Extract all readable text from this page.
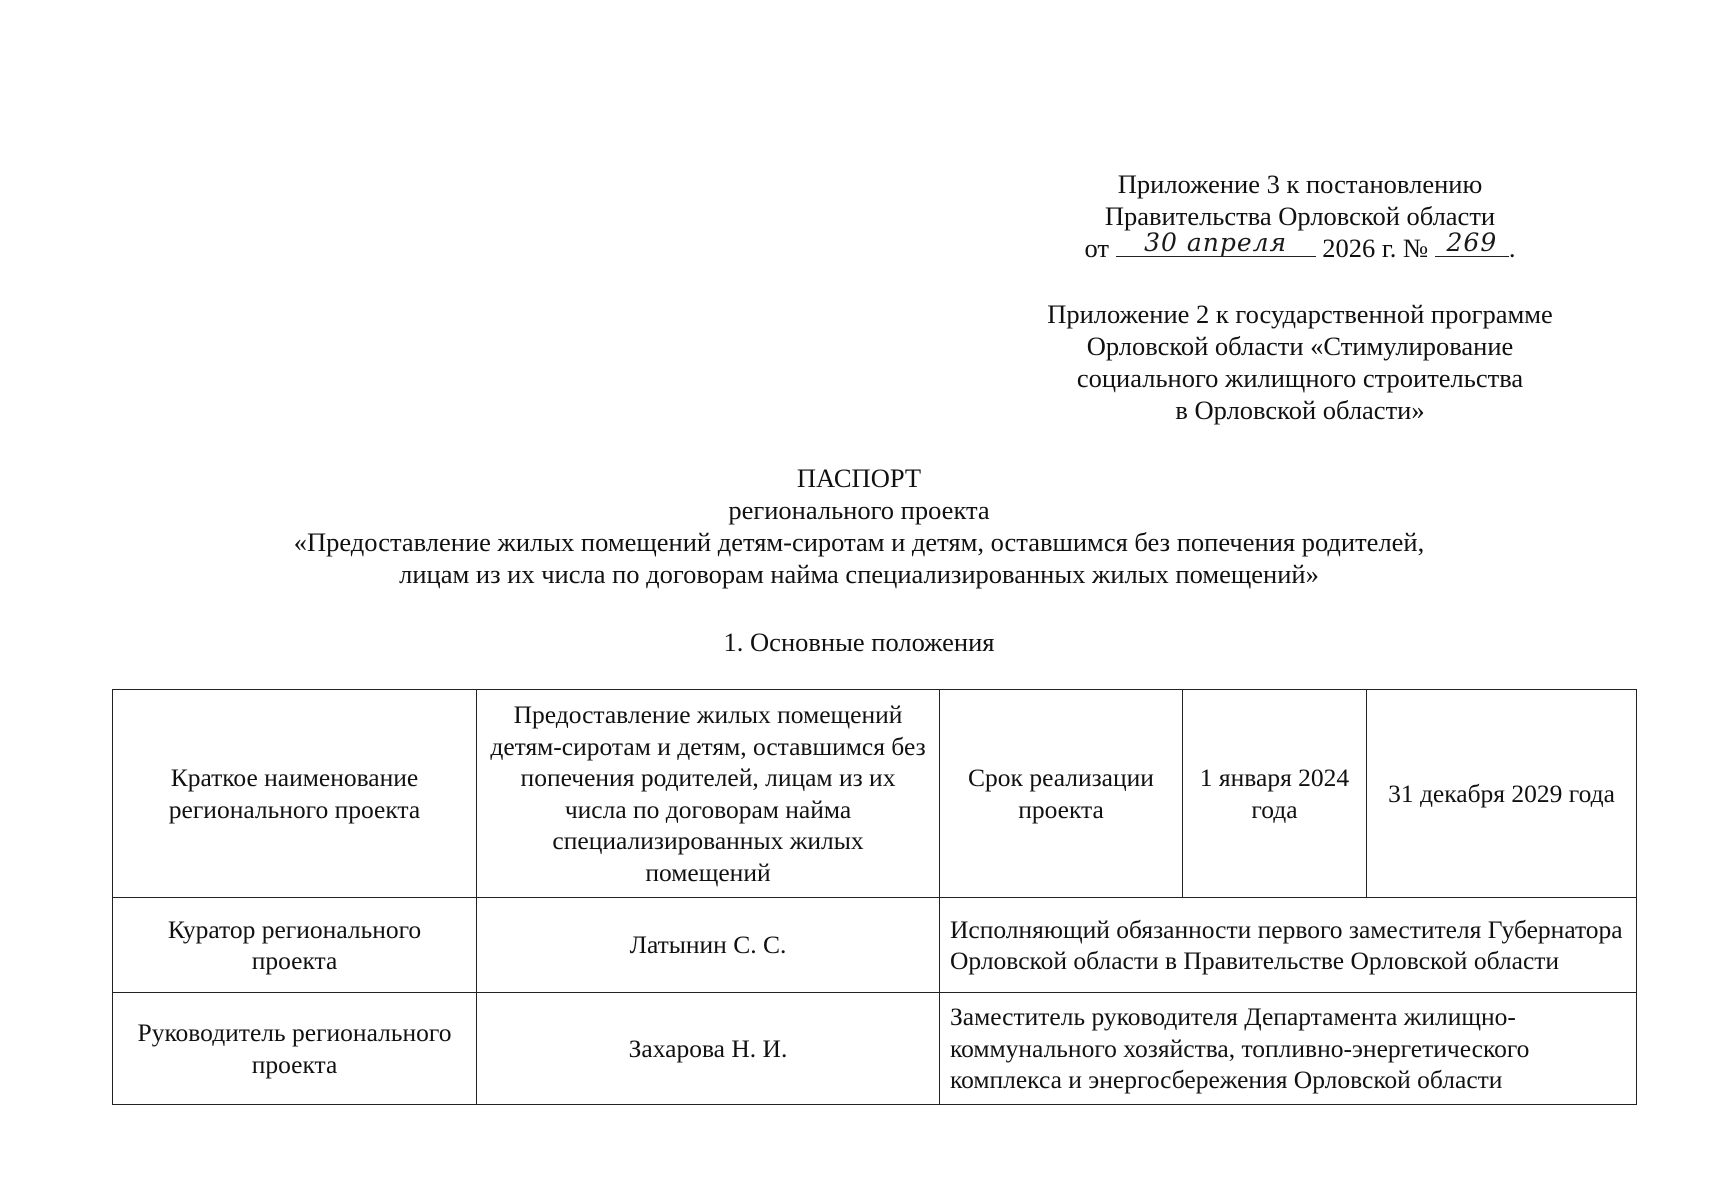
Приложение 3 к постановлению
Правительства Орловской области
от	30 апреля	2026 г. № 269 .
Приложение 2 к государственной программе
Орловской области «Стимулирование
социального жилищного строительства
в Орловской области»
ПАСПОРТ
регионального проекта
«Предоставление жилых помещений детям-сиротам и детям, оставшимся без попечения родителей,
лицам из их числа по договорам найма специализированных жилых помещений»
1. Основные положения
Краткое наименование регионального проекта	Предоставление жилых помещений детям-сиротам и детям, оставшимся без попечения родителей, лицам из их числа по договорам найма специализированных жилых помещений	Срок реализации проекта	1 января 2024 года	31 декабря 2029 года
Куратор регионального проекта	Латынин С. С.	Исполняющий обязанности первого заместителя Губернатора Орловской области в Правительстве Орловской области		
Руководитель регионального проекта	Захарова Н. И.	Заместитель руководителя Департамента жилищно-коммунального хозяйства, топливно-энергетического комплекса и энергосбережения Орловской области		
